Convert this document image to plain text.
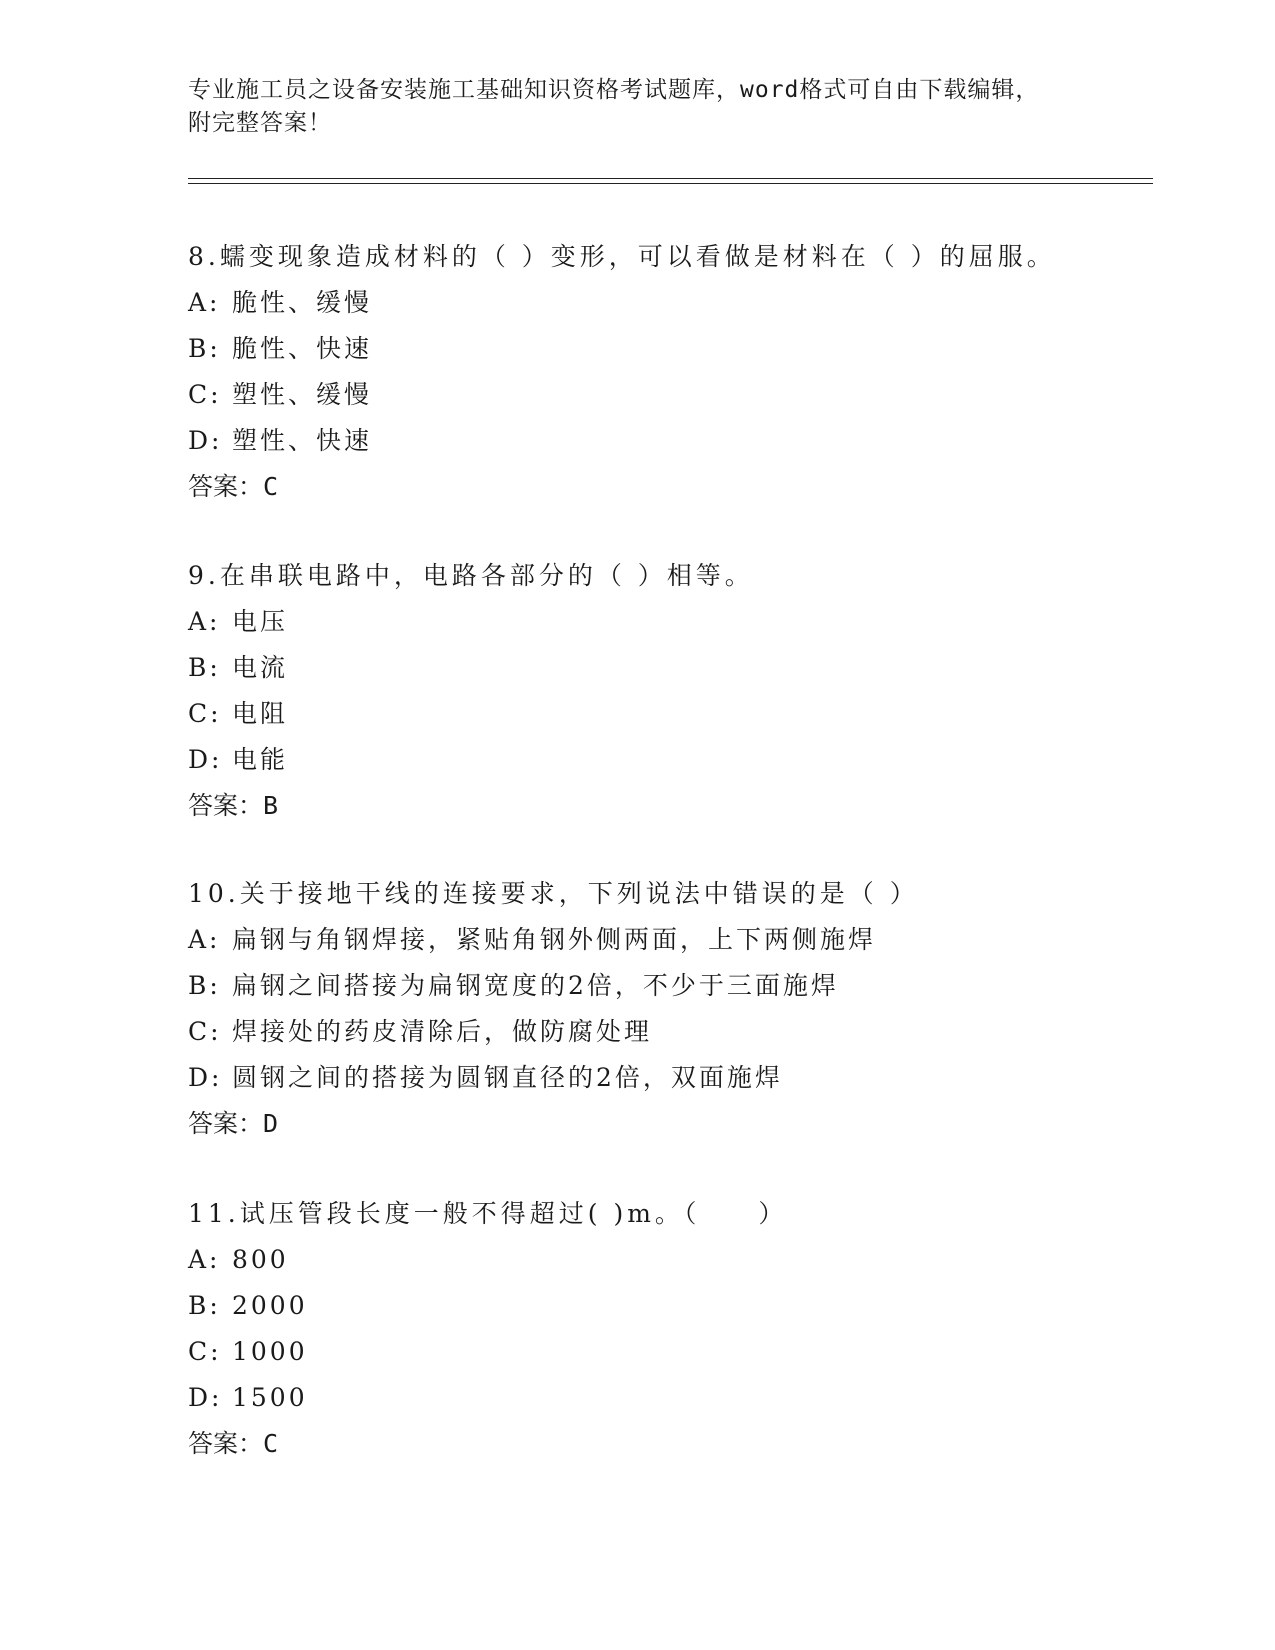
专业施工员之设备安装施工基础知识资格考试题库，word格式可自由下载编辑，
附完整答案！
8.蠕变现象造成材料的（ ）变形，可以看做是材料在（ ）的屈服。
A: 脆性、缓慢
B: 脆性、快速
C: 塑性、缓慢
D: 塑性、快速
答案：C
9.在串联电路中，电路各部分的（ ）相等。
A: 电压
B: 电流
C: 电阻
D: 电能
答案：B
10.关于接地干线的连接要求，下列说法中错误的是（ ）
A: 扁钢与角钢焊接，紧贴角钢外侧两面，上下两侧施焊
B: 扁钢之间搭接为扁钢宽度的2倍，不少于三面施焊
C: 焊接处的药皮清除后，做防腐处理
D: 圆钢之间的搭接为圆钢直径的2倍，双面施焊
答案：D
11.试压管段长度一般不得超过( )m。（　　）
A: 800
B: 2000
C: 1000
D: 1500
答案：C
